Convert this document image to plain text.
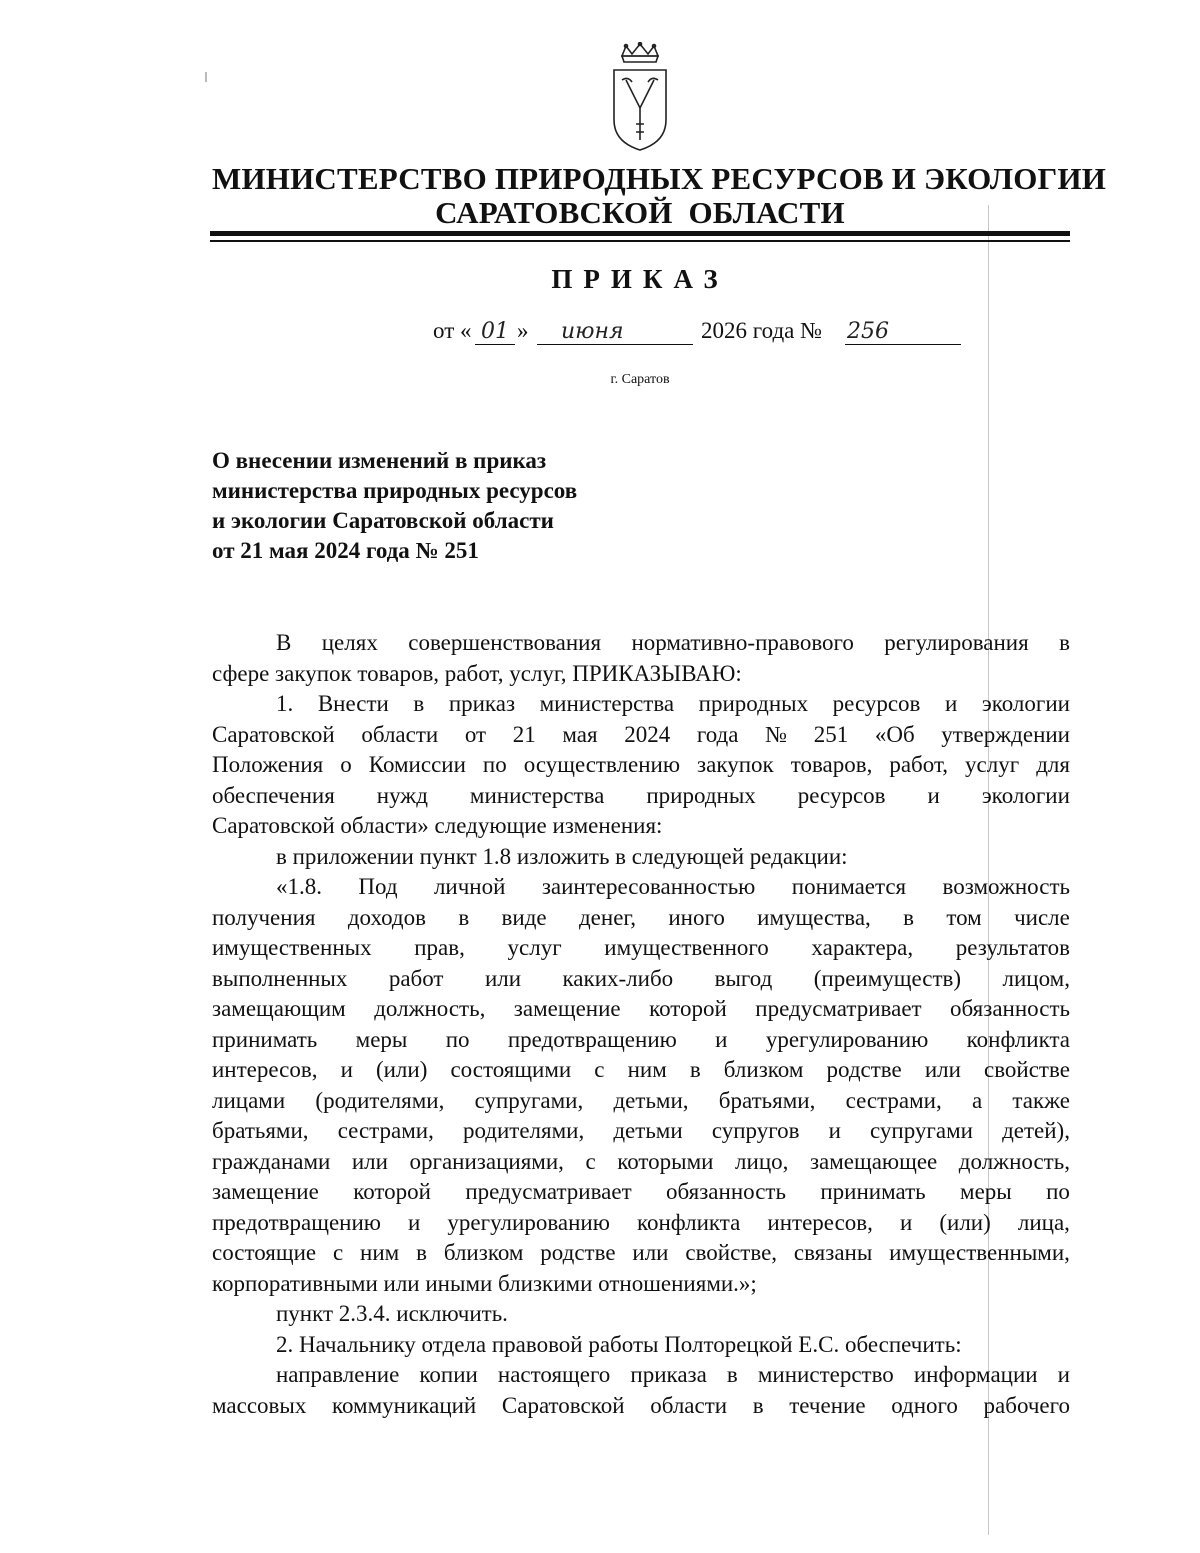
МИНИСТЕРСТВО ПРИРОДНЫХ РЕСУРСОВ И ЭКОЛОГИИ
САРАТОВСКОЙ  ОБЛАСТИ
ПРИКАЗ
от « 01 » июня	2026 года № 256
г. Саратов
О внесении изменений в приказ
министерства природных ресурсов
и экологии Саратовской области
от 21 мая 2024 года № 251
В целях совершенствования нормативно-правового регулирования в
сфере закупок товаров, работ, услуг, ПРИКАЗЫВАЮ:
1. Внести в приказ министерства природных ресурсов и экологии
Саратовской области от 21 мая 2024 года № 251 «Об утверждении
Положения о Комиссии по осуществлению закупок товаров, работ, услуг для
обеспечения нужд министерства природных ресурсов и экологии
Саратовской области» следующие изменения:
в приложении пункт 1.8 изложить в следующей редакции:
«1.8. Под личной заинтересованностью понимается возможность
получения доходов в виде денег, иного имущества, в том числе
имущественных прав, услуг имущественного характера, результатов
выполненных работ или каких-либо выгод (преимуществ) лицом,
замещающим должность, замещение которой предусматривает обязанность
принимать меры по предотвращению и урегулированию конфликта
интересов, и (или) состоящими с ним в близком родстве или свойстве
лицами (родителями, супругами, детьми, братьями, сестрами, а также
братьями, сестрами, родителями, детьми супругов и супругами детей),
гражданами или организациями, с которыми лицо, замещающее должность,
замещение которой предусматривает обязанность принимать меры по
предотвращению и урегулированию конфликта интересов, и (или) лица,
состоящие с ним в близком родстве или свойстве, связаны имущественными,
корпоративными или иными близкими отношениями.»;
пункт 2.3.4. исключить.
2. Начальнику отдела правовой работы Полторецкой Е.С. обеспечить:
направление копии настоящего приказа в министерство информации и
массовых коммуникаций Саратовской области в течение одного рабочего
